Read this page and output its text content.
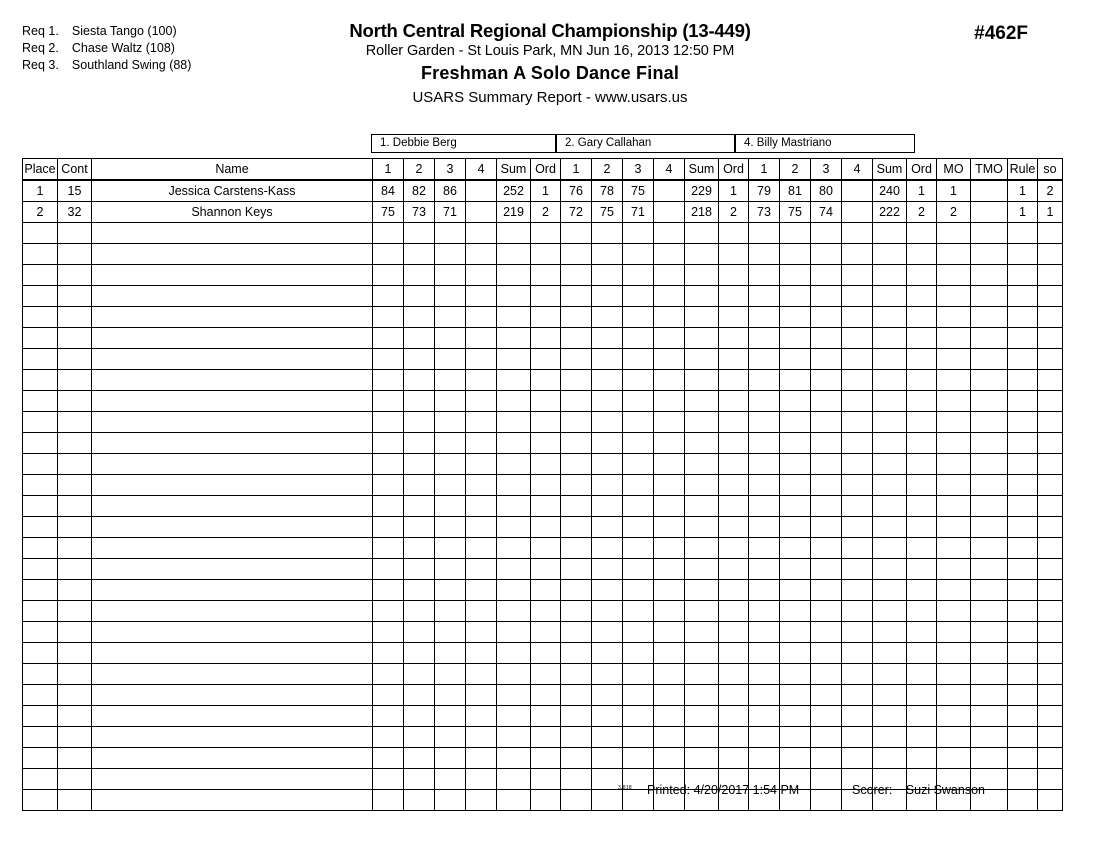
Req 1. Siesta Tango (100)
Req 2. Chase Waltz (108)
Req 3. Southland Swing (88)
North Central Regional Championship (13-449)
Roller Garden - St Louis Park, MN Jun 16, 2013 12:50 PM
Freshman A Solo Dance Final
USARS Summary Report - www.usars.us
#462F
1. Debbie Berg	2. Gary Callahan	4. Billy Mastriano
Place	Cont	Name	1	2	3	4	Sum	Ord	1	2	3	4	Sum	Ord	1	2	3	4	Sum	Ord	MO	TMO	Rule	so
1	15	Jessica Carstens-Kass	84	82	86		252	1	76	78	75		229	1	79	81	80		240	1	1		1	2
2	32	Shannon Keys	75	73	71		219	2	72	75	71		218	2	73	75	74		222	2	2		1	1

3.818 Printed: 4/20/2017 1:54 PM	Scorer: Suzi Swanson
